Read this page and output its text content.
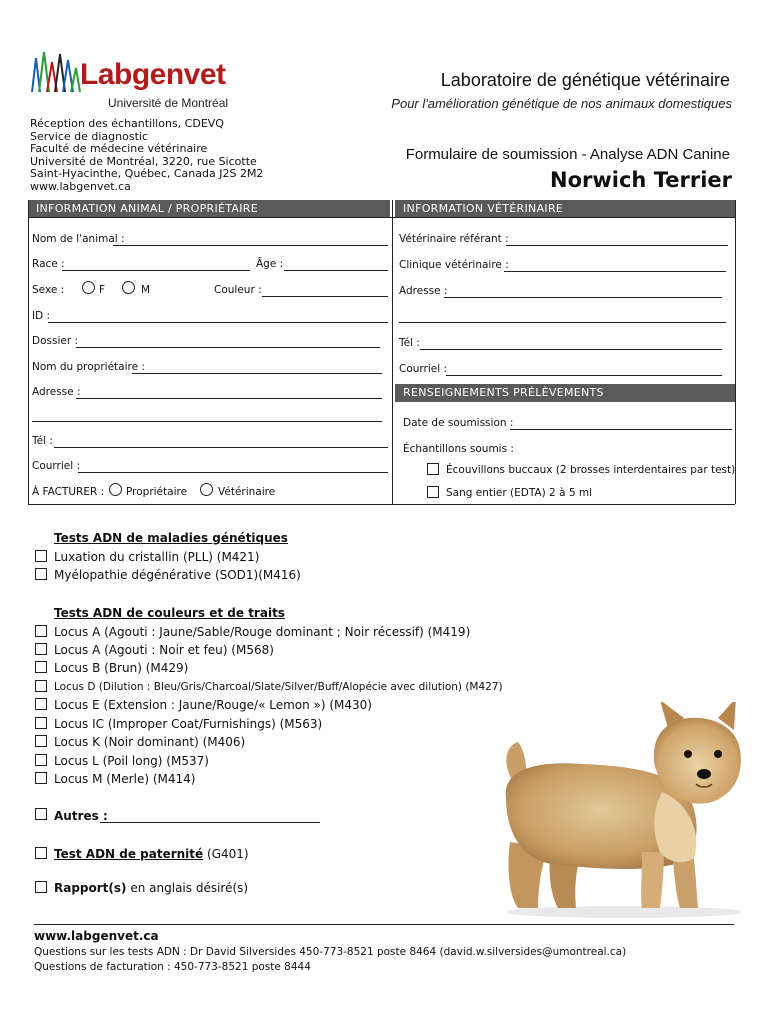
Labgenvet
Université de Montréal
Réception des échantillons, CDEVQ
Service de diagnostic
Faculté de médecine vétérinaire
Université de Montréal, 3220, rue Sicotte
Saint-Hyacinthe, Québec, Canada J2S 2M2
www.labgenvet.ca
Laboratoire de génétique vétérinaire
Pour l'amélioration génétique de nos animaux domestiques
Formulaire de soumission - Analyse ADN Canine
Norwich Terrier
INFORMATION ANIMAL / PROPRIÉTAIRE	INFORMATION VÉTÉRINAIRE
Nom de l'animal :
Race :	Âge :
Sexe :	F	M	Couleur :
ID :
Dossier :
Nom du propriétaire :
Adresse :
Tél :
Courriel :
À FACTURER : Propriétaire	Vétérinaire
Vétérinaire référant :
Clinique vétérinaire :
Adresse :
Tél :
Courriel :
RENSEIGNEMENTS PRÉLÈVEMENTS
Date de soumission :
Échantillons soumis :
Écouvillons buccaux (2 brosses interdentaires par test)
Sang entier (EDTA) 2 à 5 ml
Tests ADN de maladies génétiques
Luxation du cristallin (PLL) (M421)
Myélopathie dégénérative (SOD1)(M416)
Tests ADN de couleurs et de traits
Locus A (Agouti : Jaune/Sable/Rouge dominant ; Noir récessif) (M419)
Locus A (Agouti : Noir et feu) (M568)
Locus B (Brun) (M429)
Locus D (Dilution : Bleu/Gris/Charcoal/Slate/Silver/Buff/Alopécie avec dilution) (M427)
Locus E (Extension : Jaune/Rouge/« Lemon ») (M430)
Locus IC (Improper Coat/Furnishings) (M563)
Locus K (Noir dominant) (M406)
Locus L (Poil long) (M537)
Locus M (Merle) (M414)
Autres :
Test ADN de paternité (G401)
Rapport(s) en anglais désiré(s)
www.labgenvet.ca
Questions sur les tests ADN : Dr David Silversides 450-773-8521 poste 8464 (david.w.silversides@umontreal.ca)
Questions de facturation : 450-773-8521 poste 8444
